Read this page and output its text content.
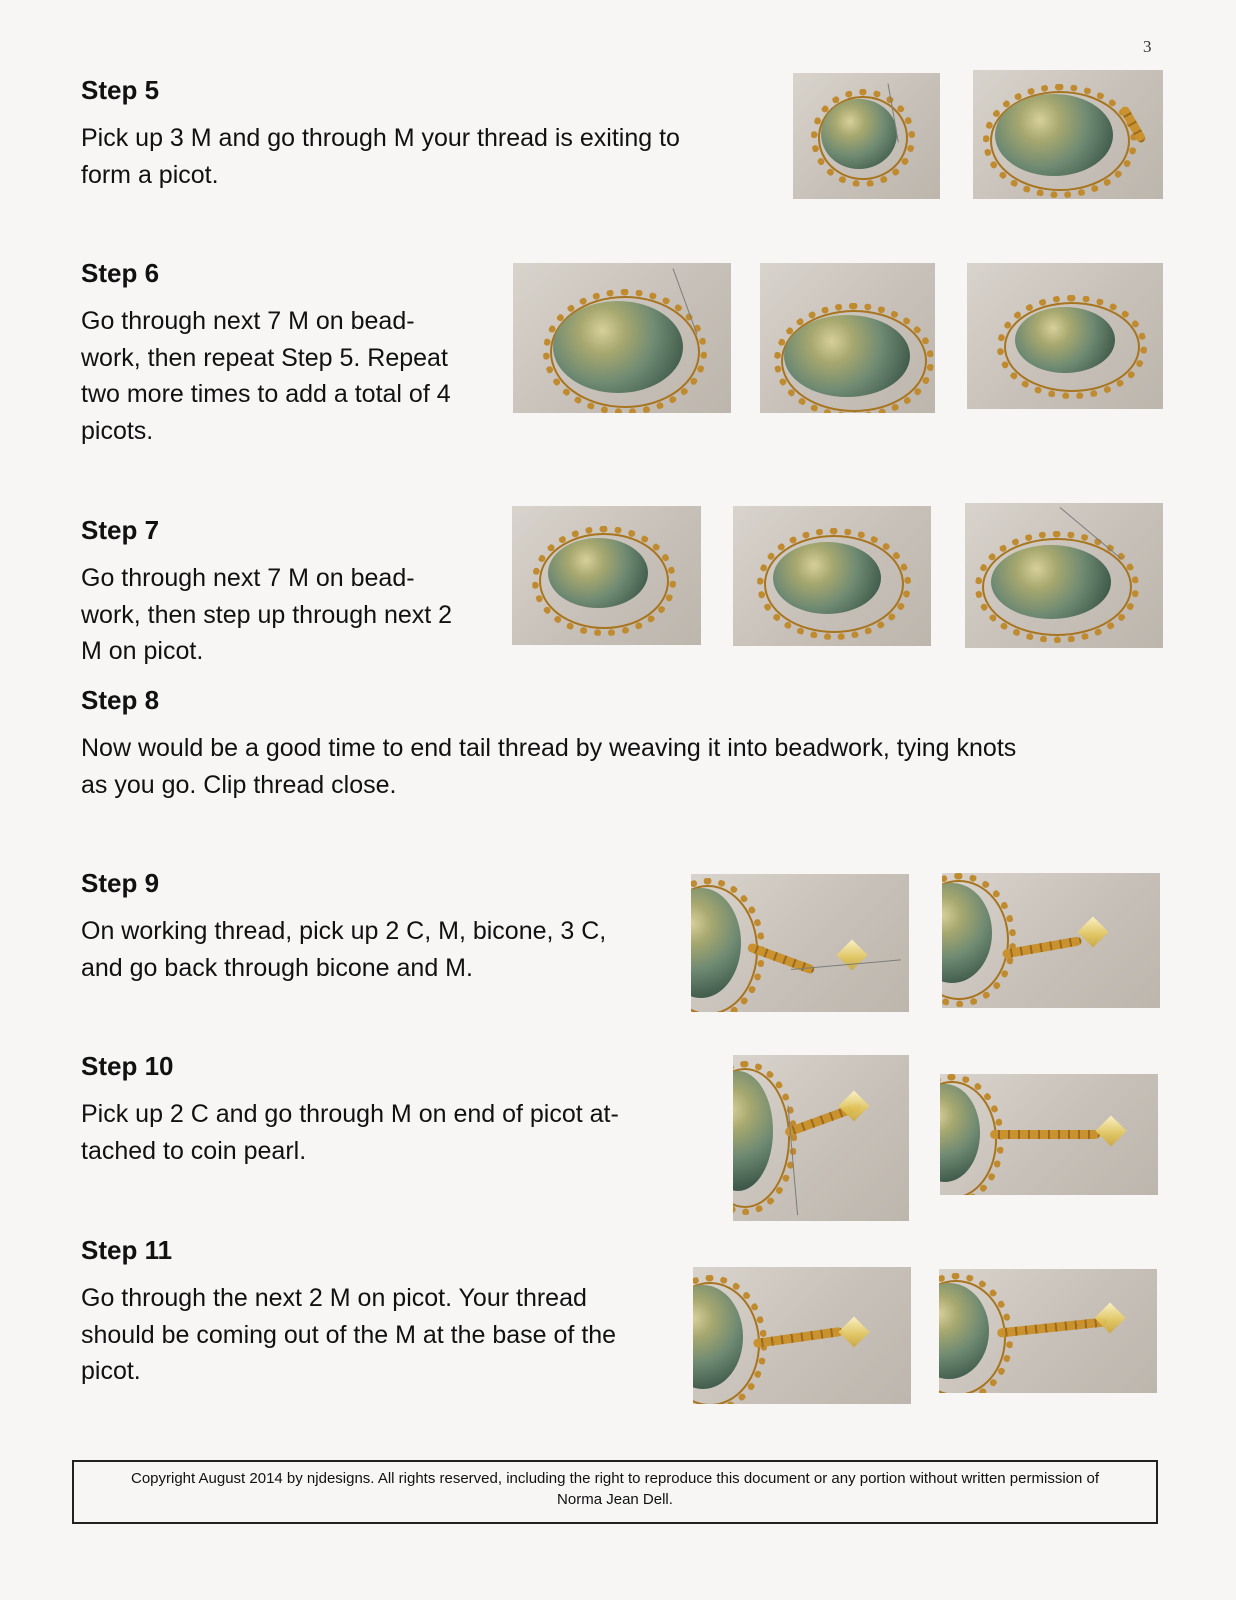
3
Step 5

Pick up 3 M and go through M your thread is exiting to
form a picot.

Step 6

Go through next 7 M on bead-
work, then repeat Step 5. Repeat
two more times to add a total of 4
picots.

Step 7

Go through next 7 M on bead-
work, then step up through next 2
M on picot.

Step 8

Now would be a good time to end tail thread by weaving it into beadwork, tying knots
as you go. Clip thread close.

Step 9

On working thread, pick up 2 C, M, bicone, 3 C,
and go back through bicone and M.

Step 10

Pick up 2 C and go through M on end of picot at-
tached to coin pearl.

Step 11

Go through the next 2 M on picot. Your thread
should be coming out of the M at the base of the
picot.

Copyright August 2014 by njdesigns. All rights reserved, including the right to reproduce this document or any portion without written permission of
Norma Jean Dell.
